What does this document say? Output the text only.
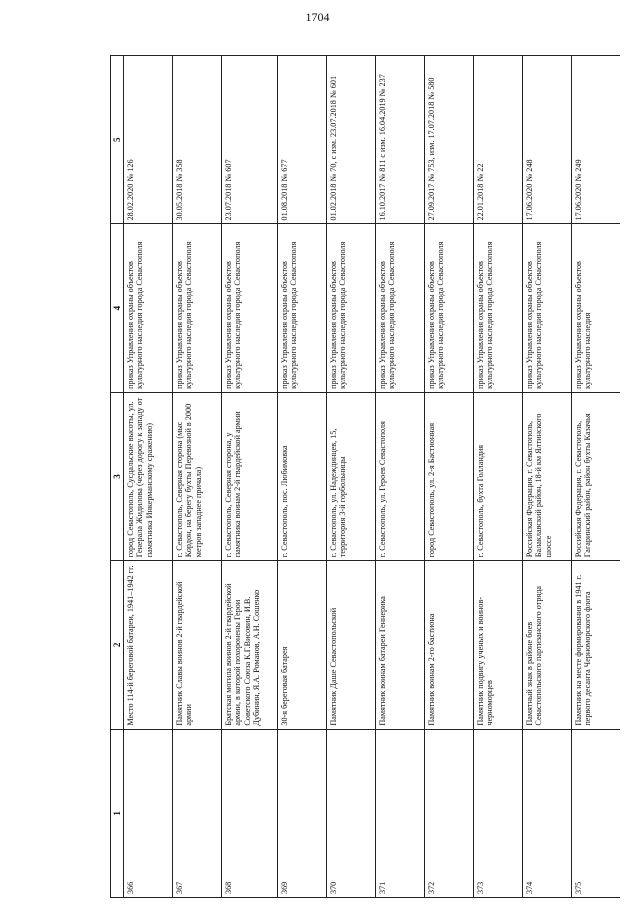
1704
1	2	3	4	5
366	Место 114-й береговой батареи, 1941–1942 гг.	город Севастополь, Сусдальские высоты, ул. Генерала Жидилова (через дорогу к западу от памятника Инкерманскому сражению)	приказ Управления охраны объектов культурного наследия города Севастополя	28.02.2020 № 126
367	Памятник Славы воинов 2-й гвардейской армии	г. Севастополь, Северная сторона (мыс Кордон, на берегу бухты Перевозной в 2000 метров западнее причала)	приказ Управления охраны объектов культурного наследия города Севастополя	30.05.2018 № 358
368	Братская могила воинов 2-й гвардейской армии, в которой похоронены Герои Советского Союза К.Г.Висовин, И.В. Дубинин, Я.А. Романов, А.Н. Сошенко	г. Севастополь, Северная сторона, у памятника воинам 2-й гвардейской армии	приказ Управления охраны объектов культурного наследия города Севастополя	23.07.2018 № 607
369	30-я береговая батарея	г. Севастополь, пос. Любимовка	приказ Управления охраны объектов культурного наследия города Севастополя	01.08.2018 № 677
370	Памятник Даше Севастопольской	г. Севастополь, ул. Надеждинцев, 15, территория 3-й горбольницы	приказ Управления охраны объектов культурного наследия города Севастополя	01.02.2018 № 70, с изм. 23.07.2018 № 601
371	Памятник воинам батареи Геннерика	г. Севастополь, ул. Героев Севастополя	приказ Управления охраны объектов культурного наследия города Севастополя	16.10.2017 № 811 с изм. 16.04.2019 № 237
372	Памятник воинам 2-го бастиона	город Севастополь, ул. 2-я Бастионная	приказ Управления охраны объектов культурного наследия города Севастополя	27.09.2017 № 753, изм. 17.07.2018 № 580
373	Памятник подвигу ученых и воинов-черноморцев	г. Севастополь, бухта Голландия	приказ Управления охраны объектов культурного наследия города Севастополя	22.01.2018 № 22
374	Памятный знак в районе боев Севастопольского партизанского отряда	Российская Федерация, г. Севастополь, Балаклавский район, 18-й км Ялтинского шоссе	приказ Управления охраны объектов культурного наследия города Севастополя	17.06.2020 № 248
375	Памятник на месте формирования в 1941 г. первого десанта Черноморского флота	Российская Федерация, г. Севастополь, Гагаринский район, район бухты Казачья	приказ Управления охраны объектов культурного наследия	17.06.2020 № 249
